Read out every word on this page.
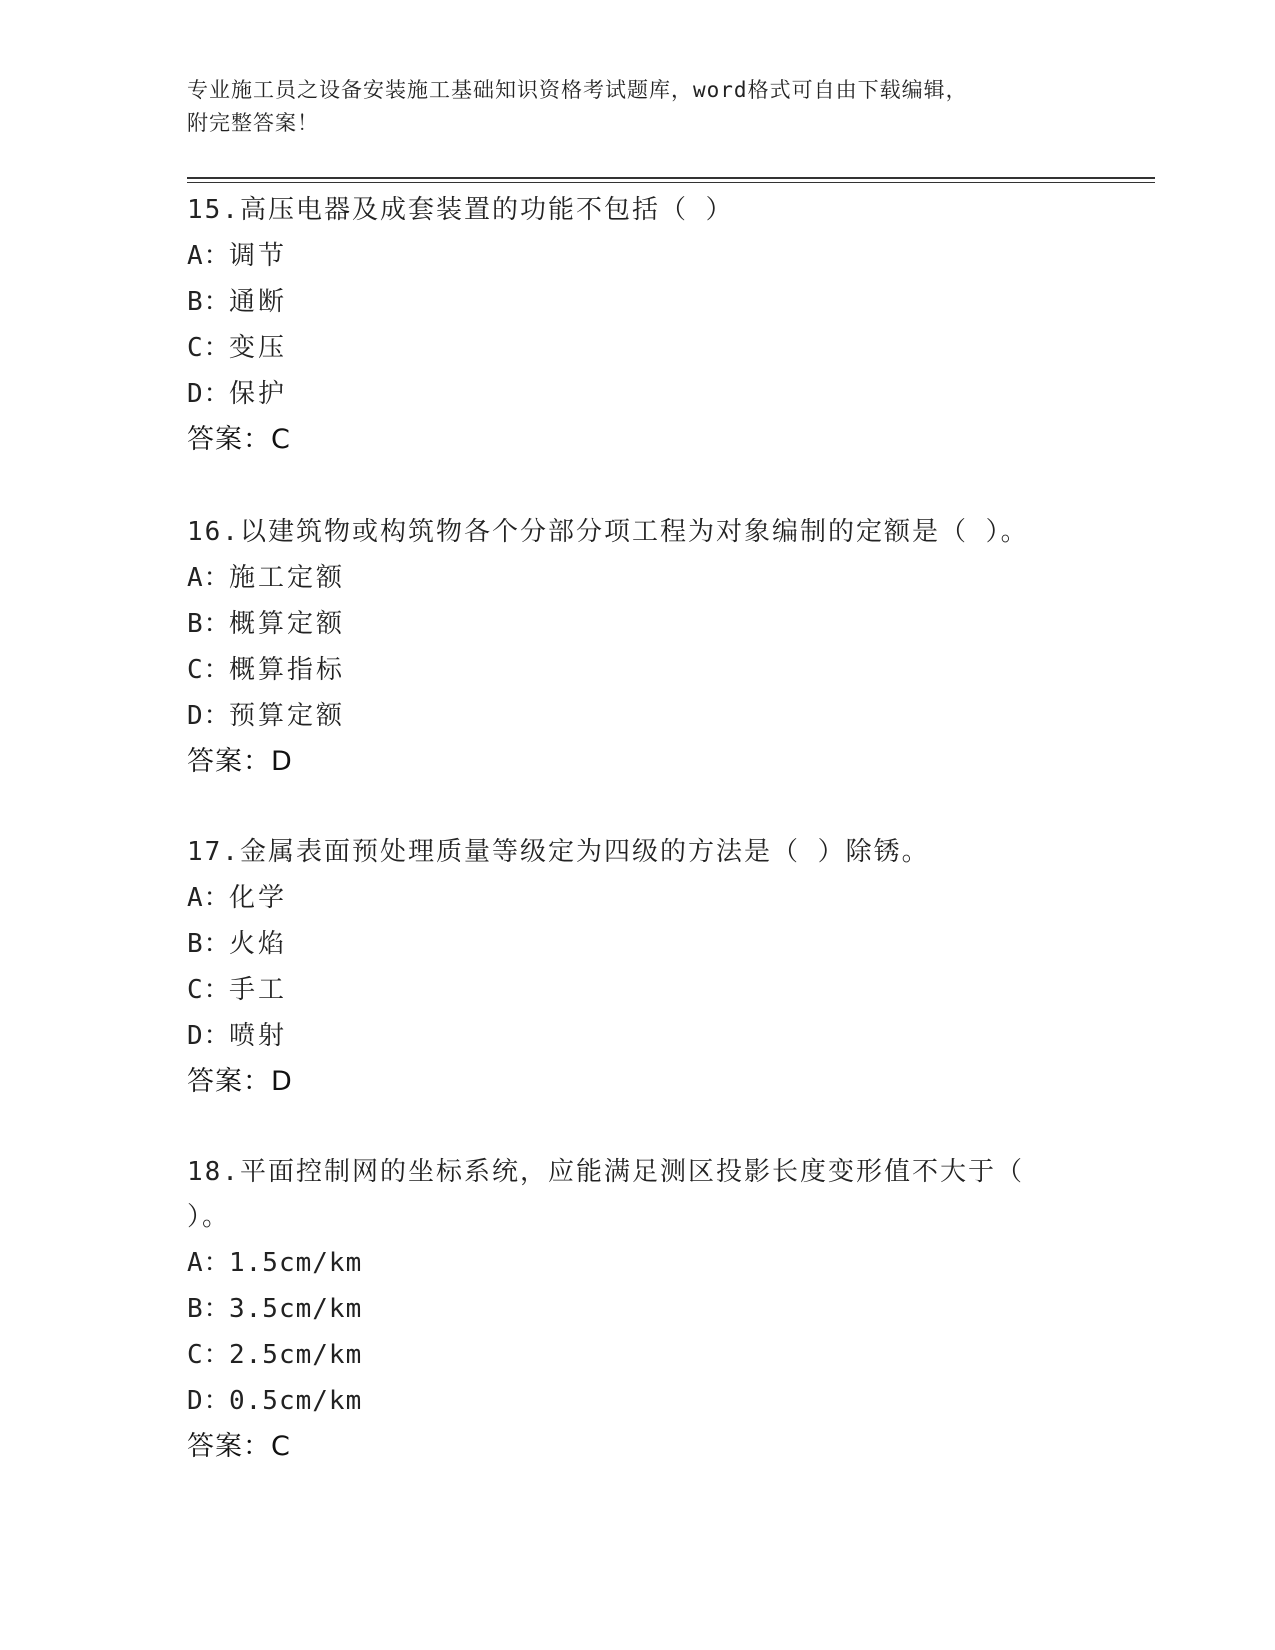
专业施工员之设备安装施工基础知识资格考试题库，word格式可自由下载编辑，
附完整答案！
15.高压电器及成套装置的功能不包括（ ）
A：调节
B：通断
C：变压
D：保护
答案：C
16.以建筑物或构筑物各个分部分项工程为对象编制的定额是（ ）。
A：施工定额
B：概算定额
C：概算指标
D：预算定额
答案：D
17.金属表面预处理质量等级定为四级的方法是（ ）除锈。
A：化学
B：火焰
C：手工
D：喷射
答案：D
18.平面控制网的坐标系统，应能满足测区投影长度变形值不大于（
）。
A：1.5cm/km
B：3.5cm/km
C：2.5cm/km
D：0.5cm/km
答案：C
